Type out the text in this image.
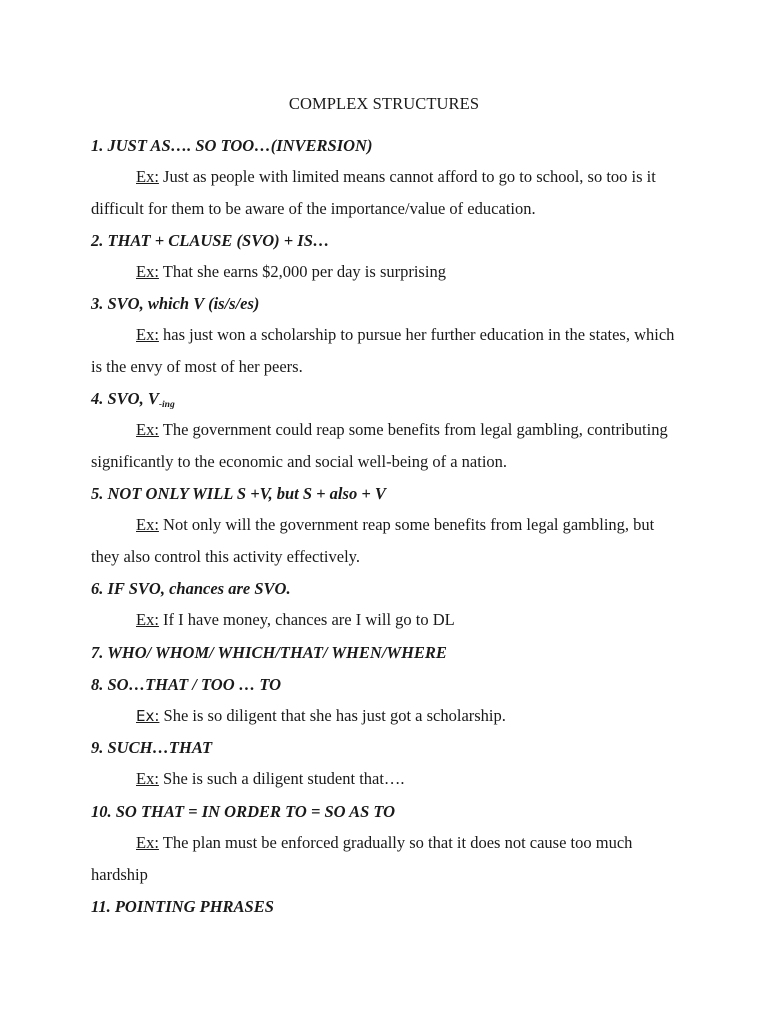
COMPLEX STRUCTURES
1. JUST AS…. SO TOO…(INVERSION)

Ex: Just as people with limited means cannot afford to go to school, so too is it difficult for them to be aware of the importance/value of education.

2. THAT + CLAUSE (SVO) + IS…

Ex: That she earns $2,000 per day is surprising

3. SVO, which V (is/s/es)

Ex: has just won a scholarship to pursue her further education in the states, which is the envy of most of her peers.

4. SVO, $V_{-ing}$

Ex: The government could reap some benefits from legal gambling, contributing significantly to the economic and social well-being of a nation.

5. NOT ONLY WILL S +V, but S + also + V

Ex: Not only will the government reap some benefits from legal gambling, but they also control this activity effectively.

6. IF SVO, chances are SVO.

Ex: If I have money, chances are I will go to DL

7. WHO/ WHOM/ WHICH/THAT/ WHEN/WHERE
8. SO…THAT / TOO … TO

Ex: She is so diligent that she has just got a scholarship.

9. SUCH…THAT

Ex: She is such a diligent student that….

10. SO THAT = IN ORDER TO = SO AS TO

Ex: The plan must be enforced gradually so that it does not cause too much hardship

11. POINTING PHRASES
